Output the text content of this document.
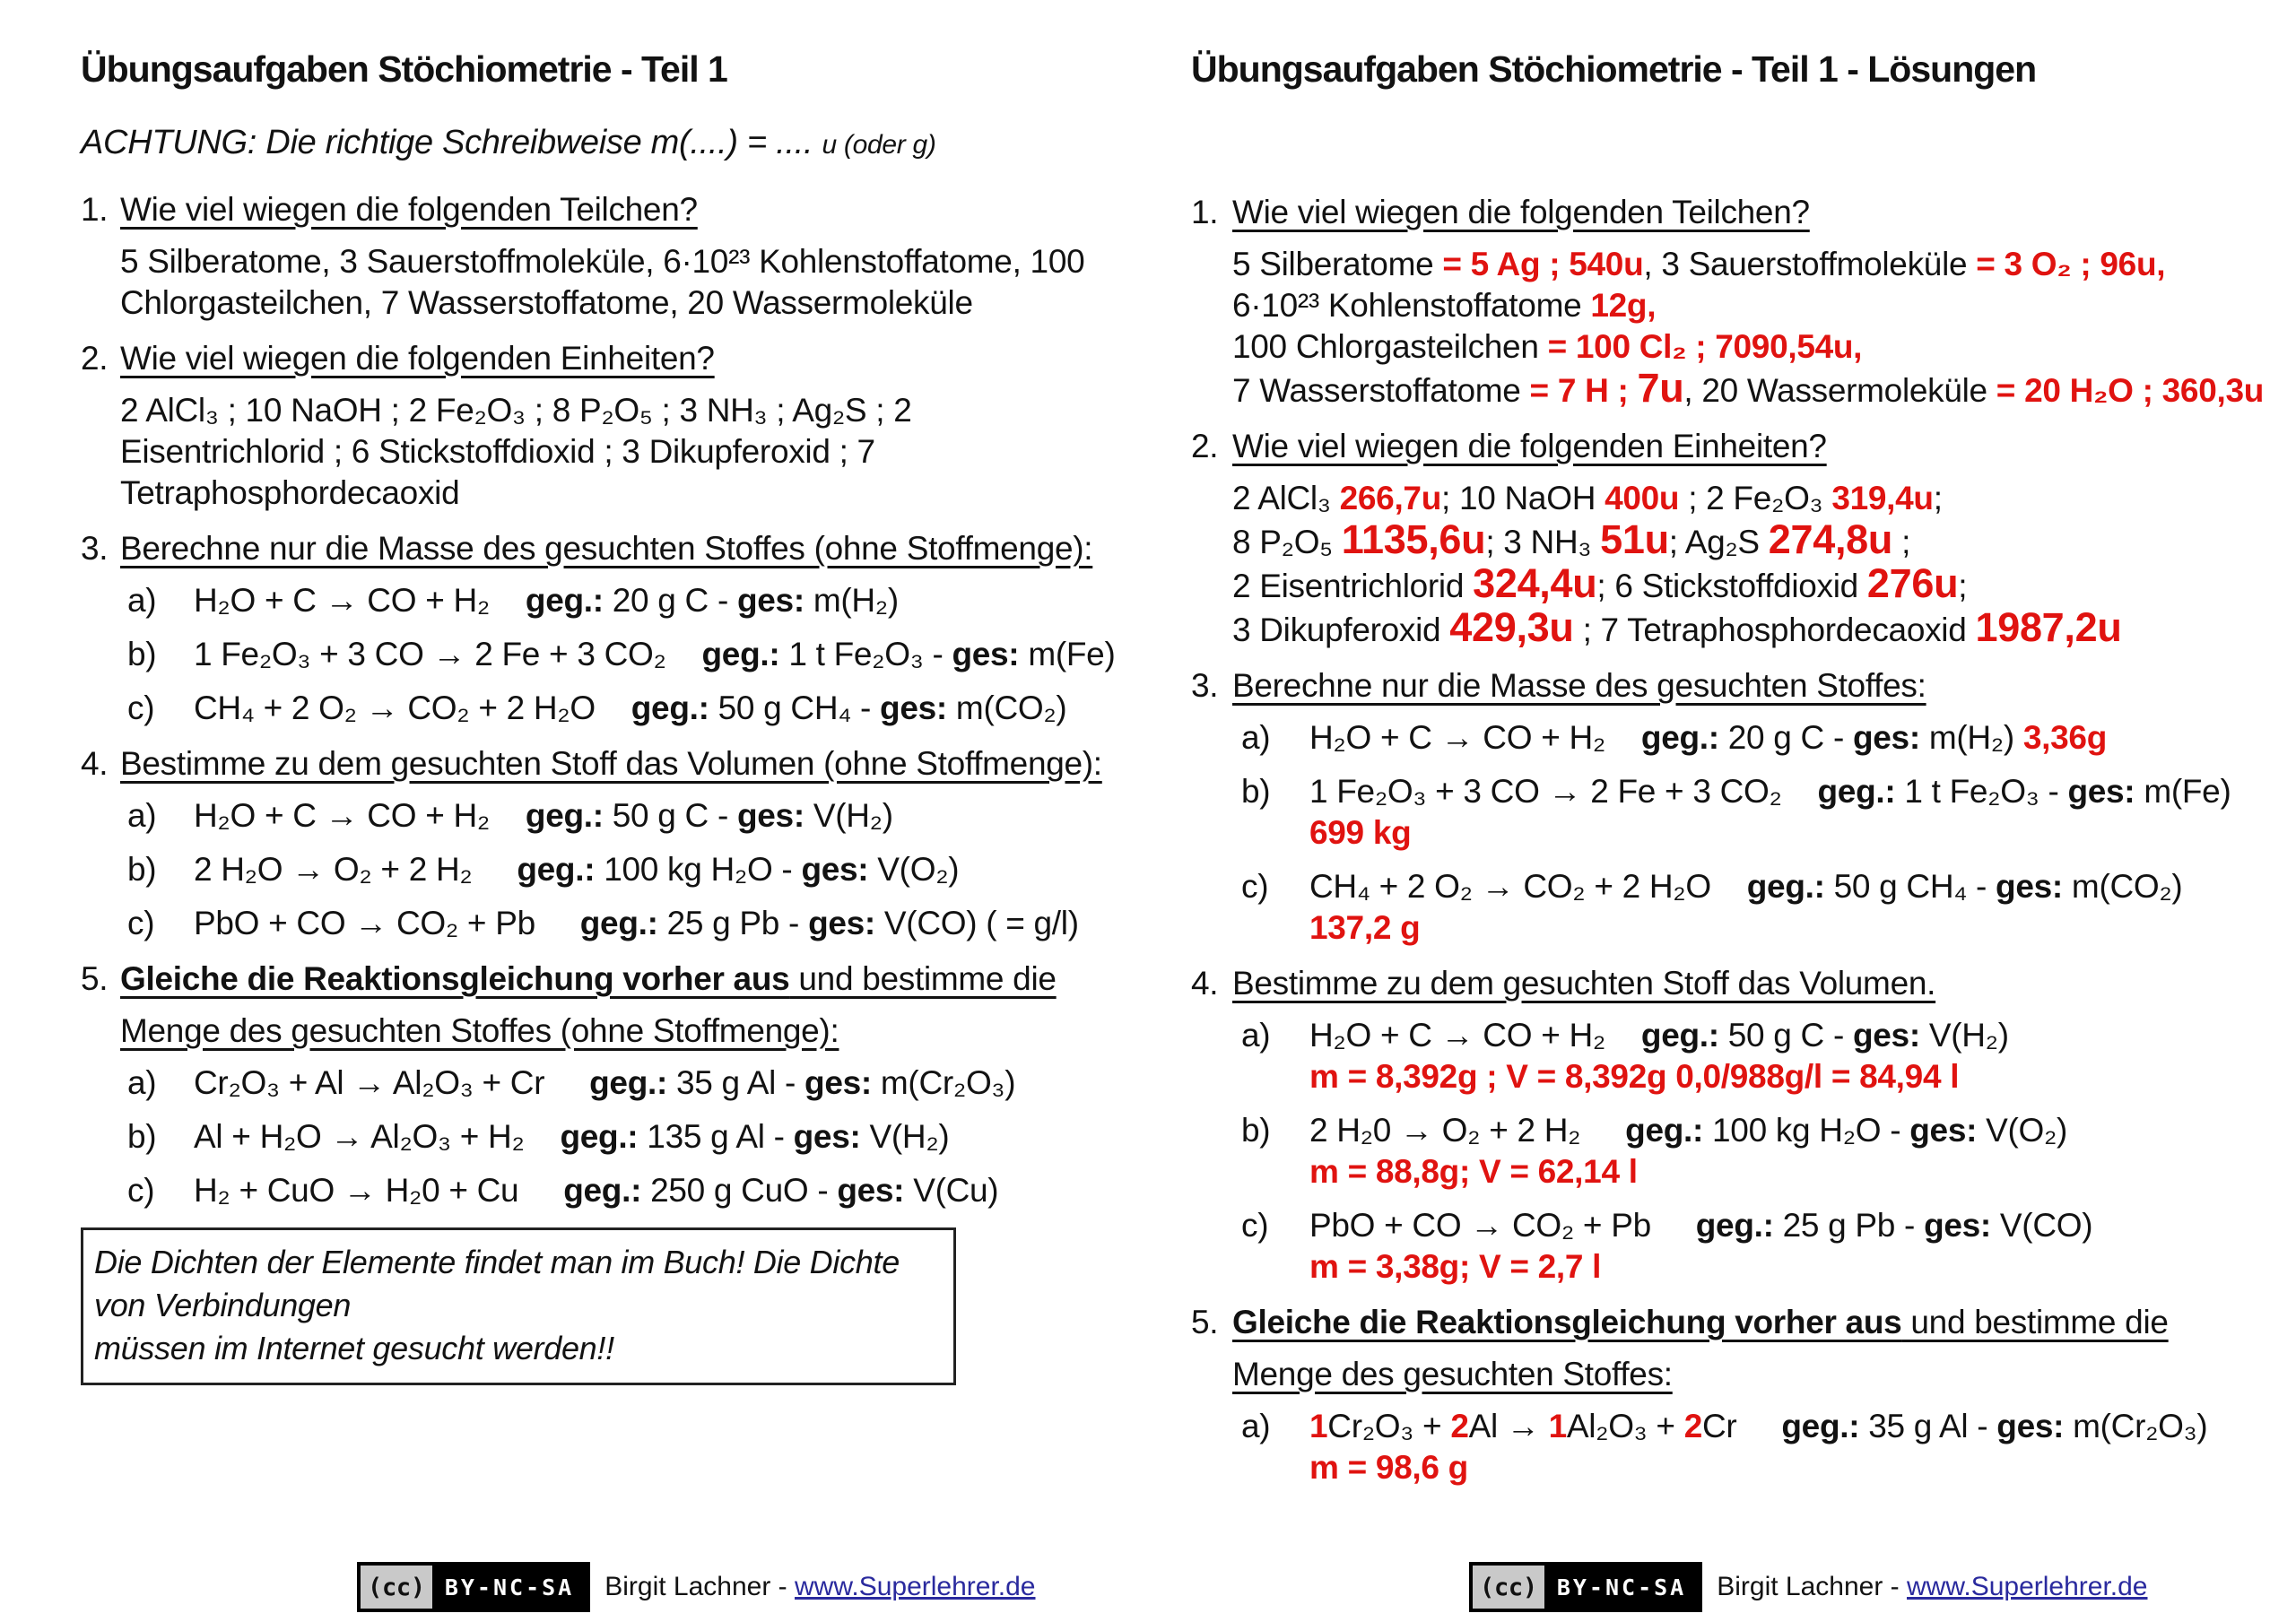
Übungsaufgaben Stöchiometrie - Teil 1
ACHTUNG: Die richtige Schreibweise m(....) = .... u (oder g)
1. Wie viel wiegen die folgenden Teilchen?
5 Silberatome, 3 Sauerstoffmoleküle, 6·10²³ Kohlenstoffatome, 100
Chlorgasteilchen, 7 Wasserstoffatome, 20 Wassermoleküle
2. Wie viel wiegen die folgenden Einheiten?
2 AlCl₃ ; 10 NaOH ; 2 Fe₂O₃ ; 8 P₂O₅ ; 3 NH₃ ; Ag₂S ; 2
Eisentrichlorid ; 6 Stickstoffdioxid ; 3 Dikupferoxid ; 7
Tetraphosphordecaoxid
3. Berechne nur die Masse des gesuchten Stoffes (ohne Stoffmenge):
a)	H₂O + C → CO + H₂    geg.: 20 g C - ges: m(H₂)
b)	1 Fe₂O₃ + 3 CO → 2 Fe + 3 CO₂    geg.: 1 t Fe₂O₃ - ges: m(Fe)
c)	CH₄ + 2 O₂ → CO₂ + 2 H₂O    geg.: 50 g CH₄ - ges: m(CO₂)
4. Bestimme zu dem gesuchten Stoff das Volumen (ohne Stoffmenge):
a)	H₂O + C → CO + H₂    geg.: 50 g C - ges: V(H₂)
b)	2 H₂O → O₂ + 2 H₂     geg.: 100 kg H₂O - ges: V(O₂)
c)	PbO + CO → CO₂ + Pb     geg.: 25 g Pb - ges: V(CO) ( = g/l)
5. Gleiche die Reaktionsgleichung vorher aus und bestimme die
Menge des gesuchten Stoffes (ohne Stoffmenge):
a)	Cr₂O₃ + Al → Al₂O₃ + Cr     geg.: 35 g Al - ges: m(Cr₂O₃)
b)	Al + H₂O → Al₂O₃ + H₂    geg.: 135 g Al - ges: V(H₂)
c)	H₂ + CuO → H₂0 + Cu     geg.: 250 g CuO - ges: V(Cu)
Die Dichten der Elemente findet man im Buch! Die Dichte von Verbindungen
müssen im Internet gesucht werden!!
Übungsaufgaben Stöchiometrie - Teil 1 - Lösungen
1. Wie viel wiegen die folgenden Teilchen?
5 Silberatome = 5 Ag ; 540u, 3 Sauerstoffmoleküle = 3 O₂ ; 96u,
6·10²³ Kohlenstoffatome 12g,
100 Chlorgasteilchen = 100 Cl₂ ; 7090,54u,
7 Wasserstoffatome = 7 H ; 7u, 20 Wassermoleküle = 20 H₂O ; 360,3u
2. Wie viel wiegen die folgenden Einheiten?
2 AlCl₃ 266,7u; 10 NaOH 400u ; 2 Fe₂O₃ 319,4u;
8 P₂O₅ 1135,6u; 3 NH₃ 51u; Ag₂S 274,8u ;
2 Eisentrichlorid 324,4u; 6 Stickstoffdioxid 276u;
3 Dikupferoxid 429,3u ; 7 Tetraphosphordecaoxid 1987,2u
3. Berechne nur die Masse des gesuchten Stoffes:
a)	H₂O + C → CO + H₂    geg.: 20 g C - ges: m(H₂) 3,36g
b)	1 Fe₂O₃ + 3 CO → 2 Fe + 3 CO₂    geg.: 1 t Fe₂O₃ - ges: m(Fe)
699 kg
c)	CH₄ + 2 O₂ → CO₂ + 2 H₂O    geg.: 50 g CH₄ - ges: m(CO₂)
137,2 g
4. Bestimme zu dem gesuchten Stoff das Volumen.
a)	H₂O + C → CO + H₂    geg.: 50 g C - ges: V(H₂)
m = 8,392g ; V = 8,392g 0,0/988g/l = 84,94 l
b)	2 H₂0 → O₂ + 2 H₂     geg.: 100 kg H₂O - ges: V(O₂)
m = 88,8g; V = 62,14 l
c)	PbO + CO → CO₂ + Pb     geg.: 25 g Pb - ges: V(CO)
m = 3,38g; V = 2,7 l
5. Gleiche die Reaktionsgleichung vorher aus und bestimme die
Menge des gesuchten Stoffes:
a)	1Cr₂O₃ + 2Al → 1Al₂O₃ + 2Cr     geg.: 35 g Al - ges: m(Cr₂O₃)
m = 98,6 g
(cc) BY-NC-SA	Birgit Lachner - www.Superlehrer.de	(cc) BY-NC-SA	Birgit Lachner - www.Superlehrer.de
